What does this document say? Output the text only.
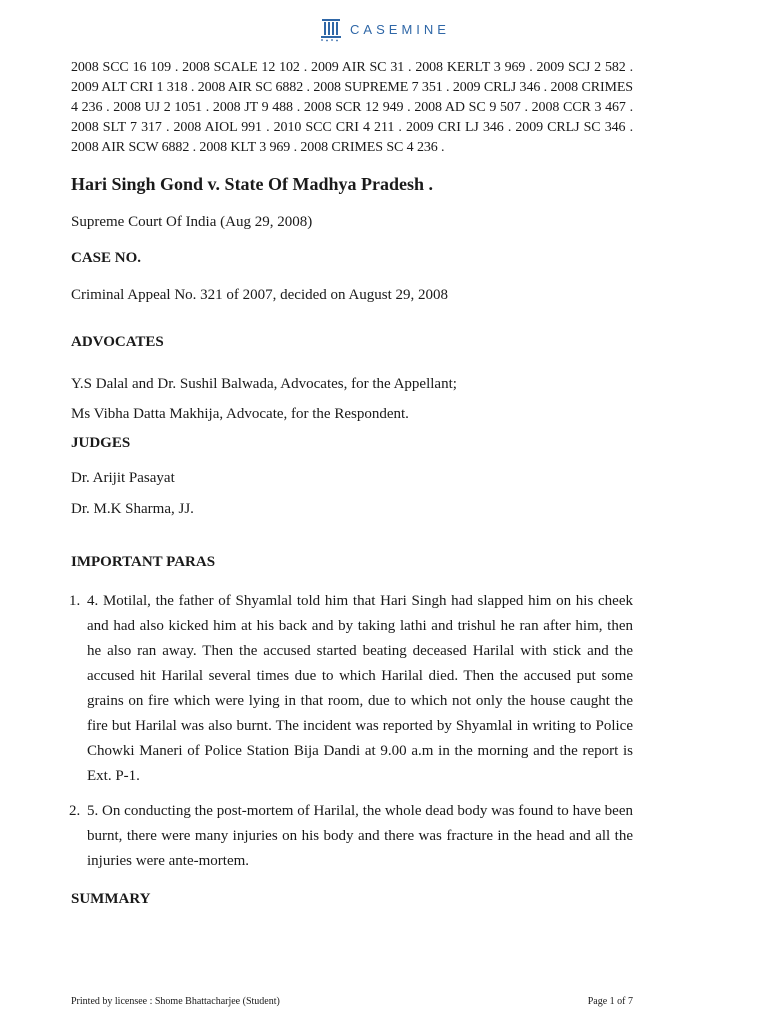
CASEMINE

2008 SCC 16 109 . 2008 SCALE 12 102 . 2009 AIR SC 31 . 2008 KERLT 3 969 . 2009 SCJ 2 582 . 2009 ALT CRI 1 318 . 2008 AIR SC 6882 . 2008 SUPREME 7 351 . 2009 CRLJ 346 . 2008 CRIMES 4 236 . 2008 UJ 2 1051 . 2008 JT 9 488 . 2008 SCR 12 949 . 2008 AD SC 9 507 . 2008 CCR 3 467 . 2008 SLT 7 317 . 2008 AIOL 991 . 2010 SCC CRI 4 211 . 2009 CRI LJ 346 . 2009 CRLJ SC 346 . 2008 AIR SCW 6882 . 2008 KLT 3 969 . 2008 CRIMES SC 4 236 .

Hari Singh Gond v. State Of Madhya Pradesh .

Supreme Court Of India (Aug 29, 2008)

CASE NO.

Criminal Appeal No. 321 of 2007, decided on August 29, 2008

ADVOCATES

Y.S Dalal and Dr. Sushil Balwada, Advocates, for the Appellant;

Ms Vibha Datta Makhija, Advocate, for the Respondent.

JUDGES

Dr. Arijit Pasayat

Dr. M.K Sharma, JJ.

IMPORTANT PARAS
1. 4. Motilal, the father of Shyamlal told him that Hari Singh had slapped him on his cheek and had also kicked him at his back and by taking lathi and trishul he ran after him, then he also ran away. Then the accused started beating deceased Harilal with stick and the accused hit Harilal several times due to which Harilal died. Then the accused put some grains on fire which were lying in that room, due to which not only the house caught the fire but Harilal was also burnt. The incident was reported by Shyamlal in writing to Police Chowki Maneri of Police Station Bija Dandi at 9.00 a.m in the morning and the report is Ext. P-1.
2. 5. On conducting the post-mortem of Harilal, the whole dead body was found to have been burnt, there were many injuries on his body and there was fracture in the head and all the injuries were ante-mortem.
SUMMARY
Printed by licensee : Shome Bhattacharjee (Student)	Page 1 of 7
